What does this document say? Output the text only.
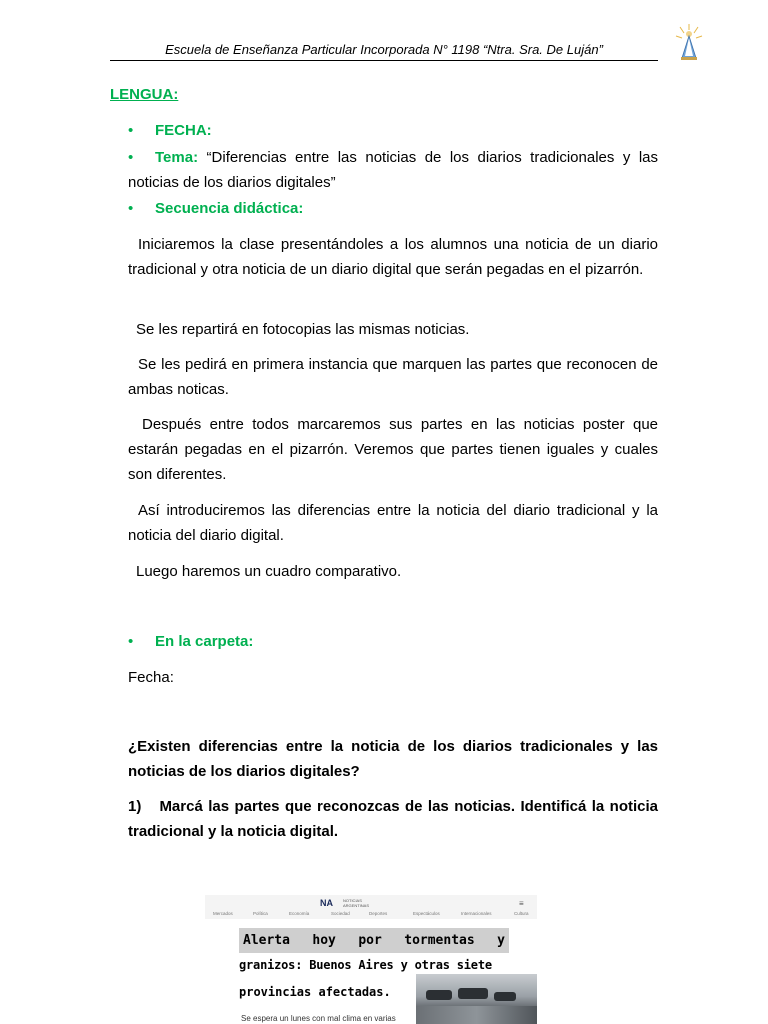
Escuela de Enseñanza Particular Incorporada N° 1198 “Ntra. Sra. De Luján”
LENGUA:
• FECHA:
•	Tema: “Diferencias entre las noticias de los diarios tradicionales y las noticias de los diarios digitales”
• Secuencia didáctica:
Iniciaremos la clase presentándoles a los alumnos una noticia de un diario tradicional y otra noticia de un diario digital que serán pegadas en el pizarrón.
Se les repartirá en fotocopias las mismas noticias.
Se les pedirá en primera instancia que marquen las partes que reconocen de ambas noticas.
Después entre todos marcaremos sus partes en las noticias poster que estarán pegadas en el pizarrón. Veremos que partes tienen iguales y cuales son diferentes.
Así introduciremos las diferencias entre la noticia del diario tradicional y la noticia del diario digital.
Luego haremos un cuadro comparativo.
• En la carpeta:
Fecha:
¿Existen diferencias entre la noticia de los diarios tradicionales y las noticias de los diarios digitales?
1) Marcá las partes que reconozcas de las noticias. Identificá la noticia tradicional y la noticia digital.
NA	NOTICIAS
ARGENTINAS	≡
Mercados	Política	Economía	Sociedad	Deportes	Espectáculos	Internacionales	Cultura
Alerta hoy por tormentas y
granizos: Buenos Aires y otras siete
provincias afectadas.
Se espera un lunes con mal clima en varias
